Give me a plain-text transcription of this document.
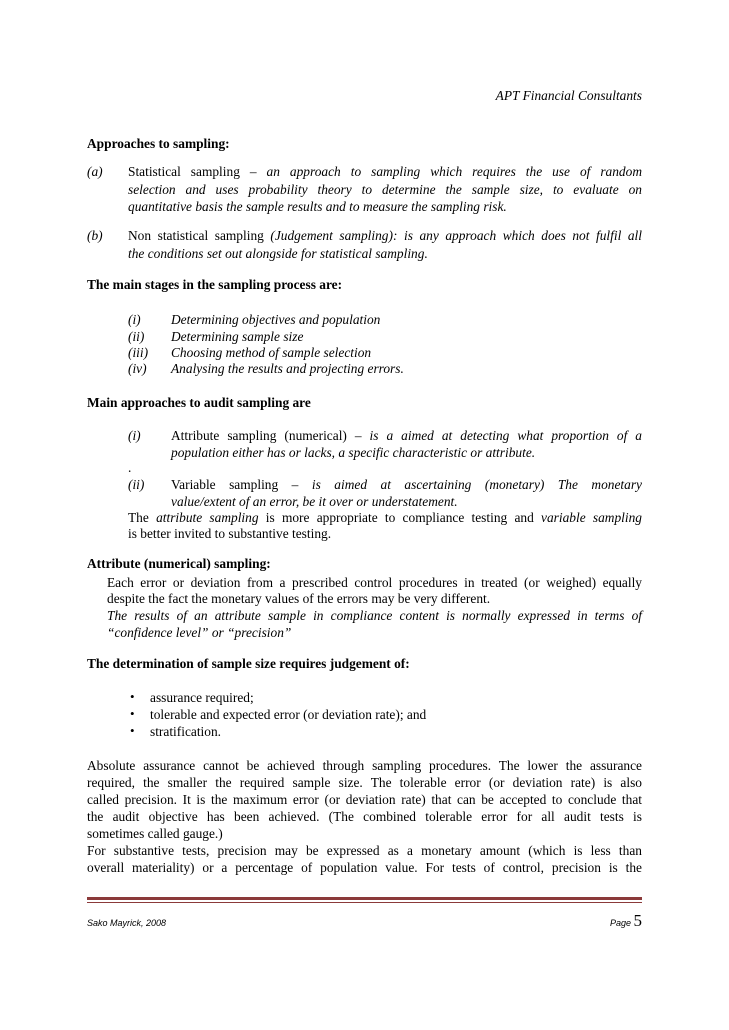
APT Financial Consultants
Approaches to sampling:
(a) Statistical sampling – an approach to sampling which requires the use of random
selection and uses probability theory to determine the sample size, to evaluate on
quantitative basis the sample results and to measure the sampling risk.
(b) Non statistical sampling (Judgement sampling): is any approach which does not fulfil all
the conditions set out alongside for statistical sampling.
The main stages in the sampling process are:
(i) Determining objectives and population
(ii) Determining sample size
(iii) Choosing method of sample selection
(iv) Analysing the results and projecting errors.
Main approaches to audit sampling are
(i) Attribute sampling (numerical) – is a aimed at detecting what proportion of a
population either has or lacks, a specific characteristic or attribute.
.
(ii) Variable sampling – is aimed at ascertaining (monetary) The monetary
value/extent of an error, be it over or understatement.
The attribute sampling is more appropriate to compliance testing and variable sampling
is better invited to substantive testing.
Attribute (numerical) sampling:
Each error or deviation from a prescribed control procedures in treated (or weighed) equally
despite the fact the monetary values of the errors may be very different.
The results of an attribute sample in compliance content is normally expressed in terms of
“confidence level” or “precision”
The determination of sample size requires judgement of:
• assurance required;
• tolerable and expected error (or deviation rate); and
• stratification.
Absolute assurance cannot be achieved through sampling procedures. The lower the assurance
required, the smaller the required sample size. The tolerable error (or deviation rate) is also
called precision. It is the maximum error (or deviation rate) that can be accepted to conclude that
the audit objective has been achieved. (The combined tolerable error for all audit tests is
sometimes called gauge.)
For substantive tests, precision may be expressed as a monetary amount (which is less than
overall materiality) or a percentage of population value. For tests of control, precision is the
Sako Mayrick, 2008	Page 5
